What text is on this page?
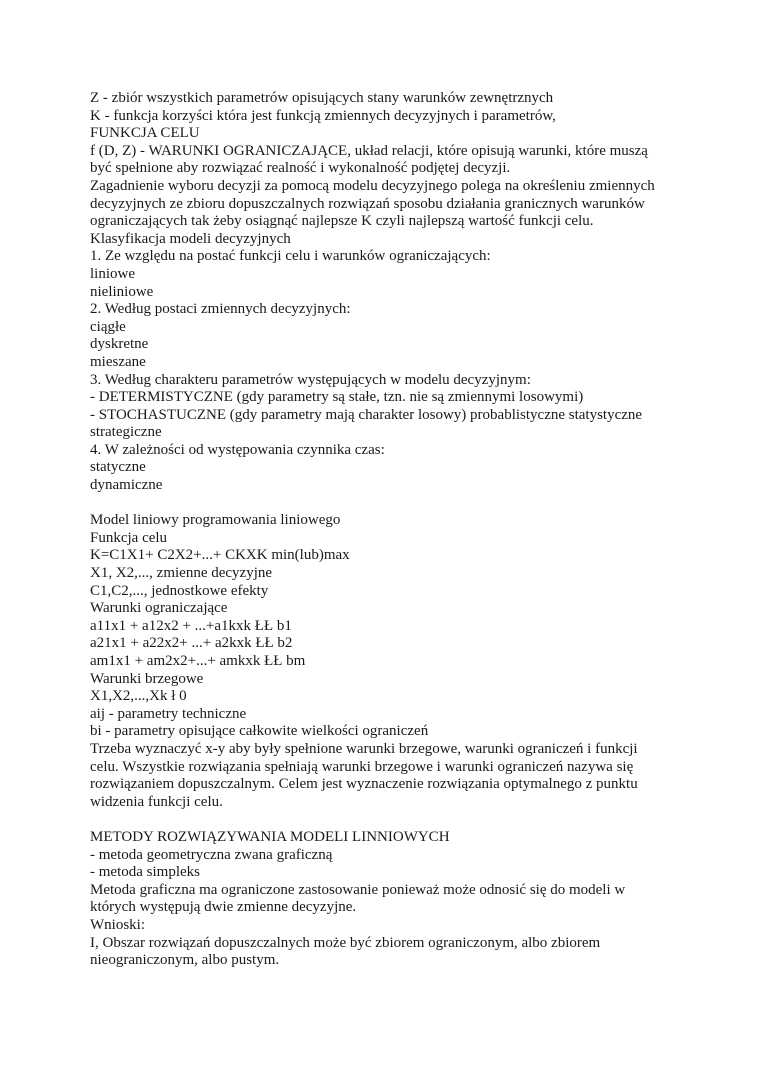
Z - zbiór wszystkich parametrów opisujących stany warunków zewnętrznych
K - funkcja korzyści która jest funkcją zmiennych decyzyjnych i parametrów,
FUNKCJA CELU
f (D, Z) - WARUNKI OGRANICZAJĄCE, układ relacji, które opisują warunki, które muszą
być spełnione aby rozwiązać realność i wykonalność podjętej decyzji.
Zagadnienie wyboru decyzji za pomocą modelu decyzyjnego polega na określeniu zmiennych
decyzyjnych ze zbioru dopuszczalnych rozwiązań sposobu działania granicznych warunków
ograniczających tak żeby osiągnąć najlepsze K czyli najlepszą wartość funkcji celu.
Klasyfikacja modeli decyzyjnych
1. Ze względu na postać funkcji celu i warunków ograniczających:
liniowe
nieliniowe
2. Według postaci zmiennych decyzyjnych:
ciągłe
dyskretne
mieszane
3. Według charakteru parametrów występujących w modelu decyzyjnym:
- DETERMISTYCZNE (gdy parametry są stałe, tzn. nie są zmiennymi losowymi)
- STOCHASTUCZNE (gdy parametry mają charakter losowy) probablistyczne statystyczne
strategiczne
4. W zależności od występowania czynnika czas:
statyczne
dynamiczne
Model liniowy programowania liniowego
Funkcja celu
K=C1X1+ C2X2+...+ CKXK min(lub)max
X1, X2,..., zmienne decyzyjne
C1,C2,..., jednostkowe efekty
Warunki ograniczające
a11x1 + a12x2 + ...+a1kxk ŁŁ b1
a21x1 + a22x2+ ...+ a2kxk ŁŁ b2
am1x1 + am2x2+...+ amkxk ŁŁ bm
Warunki brzegowe
X1,X2,...,Xk ł 0
aij - parametry techniczne
bi - parametry opisujące całkowite wielkości ograniczeń
Trzeba wyznaczyć x-y aby były spełnione warunki brzegowe, warunki ograniczeń i funkcji
celu. Wszystkie rozwiązania spełniają warunki brzegowe i warunki ograniczeń nazywa się
rozwiązaniem dopuszczalnym. Celem jest wyznaczenie rozwiązania optymalnego z punktu
widzenia funkcji celu.
METODY ROZWIĄZYWANIA MODELI LINNIOWYCH
- metoda geometryczna zwana graficzną
- metoda simpleks
Metoda graficzna ma ograniczone zastosowanie ponieważ może odnosić się do modeli w
których występują dwie zmienne decyzyjne.
Wnioski:
I, Obszar rozwiązań dopuszczalnych może być zbiorem ograniczonym, albo zbiorem
nieograniczonym, albo pustym.
